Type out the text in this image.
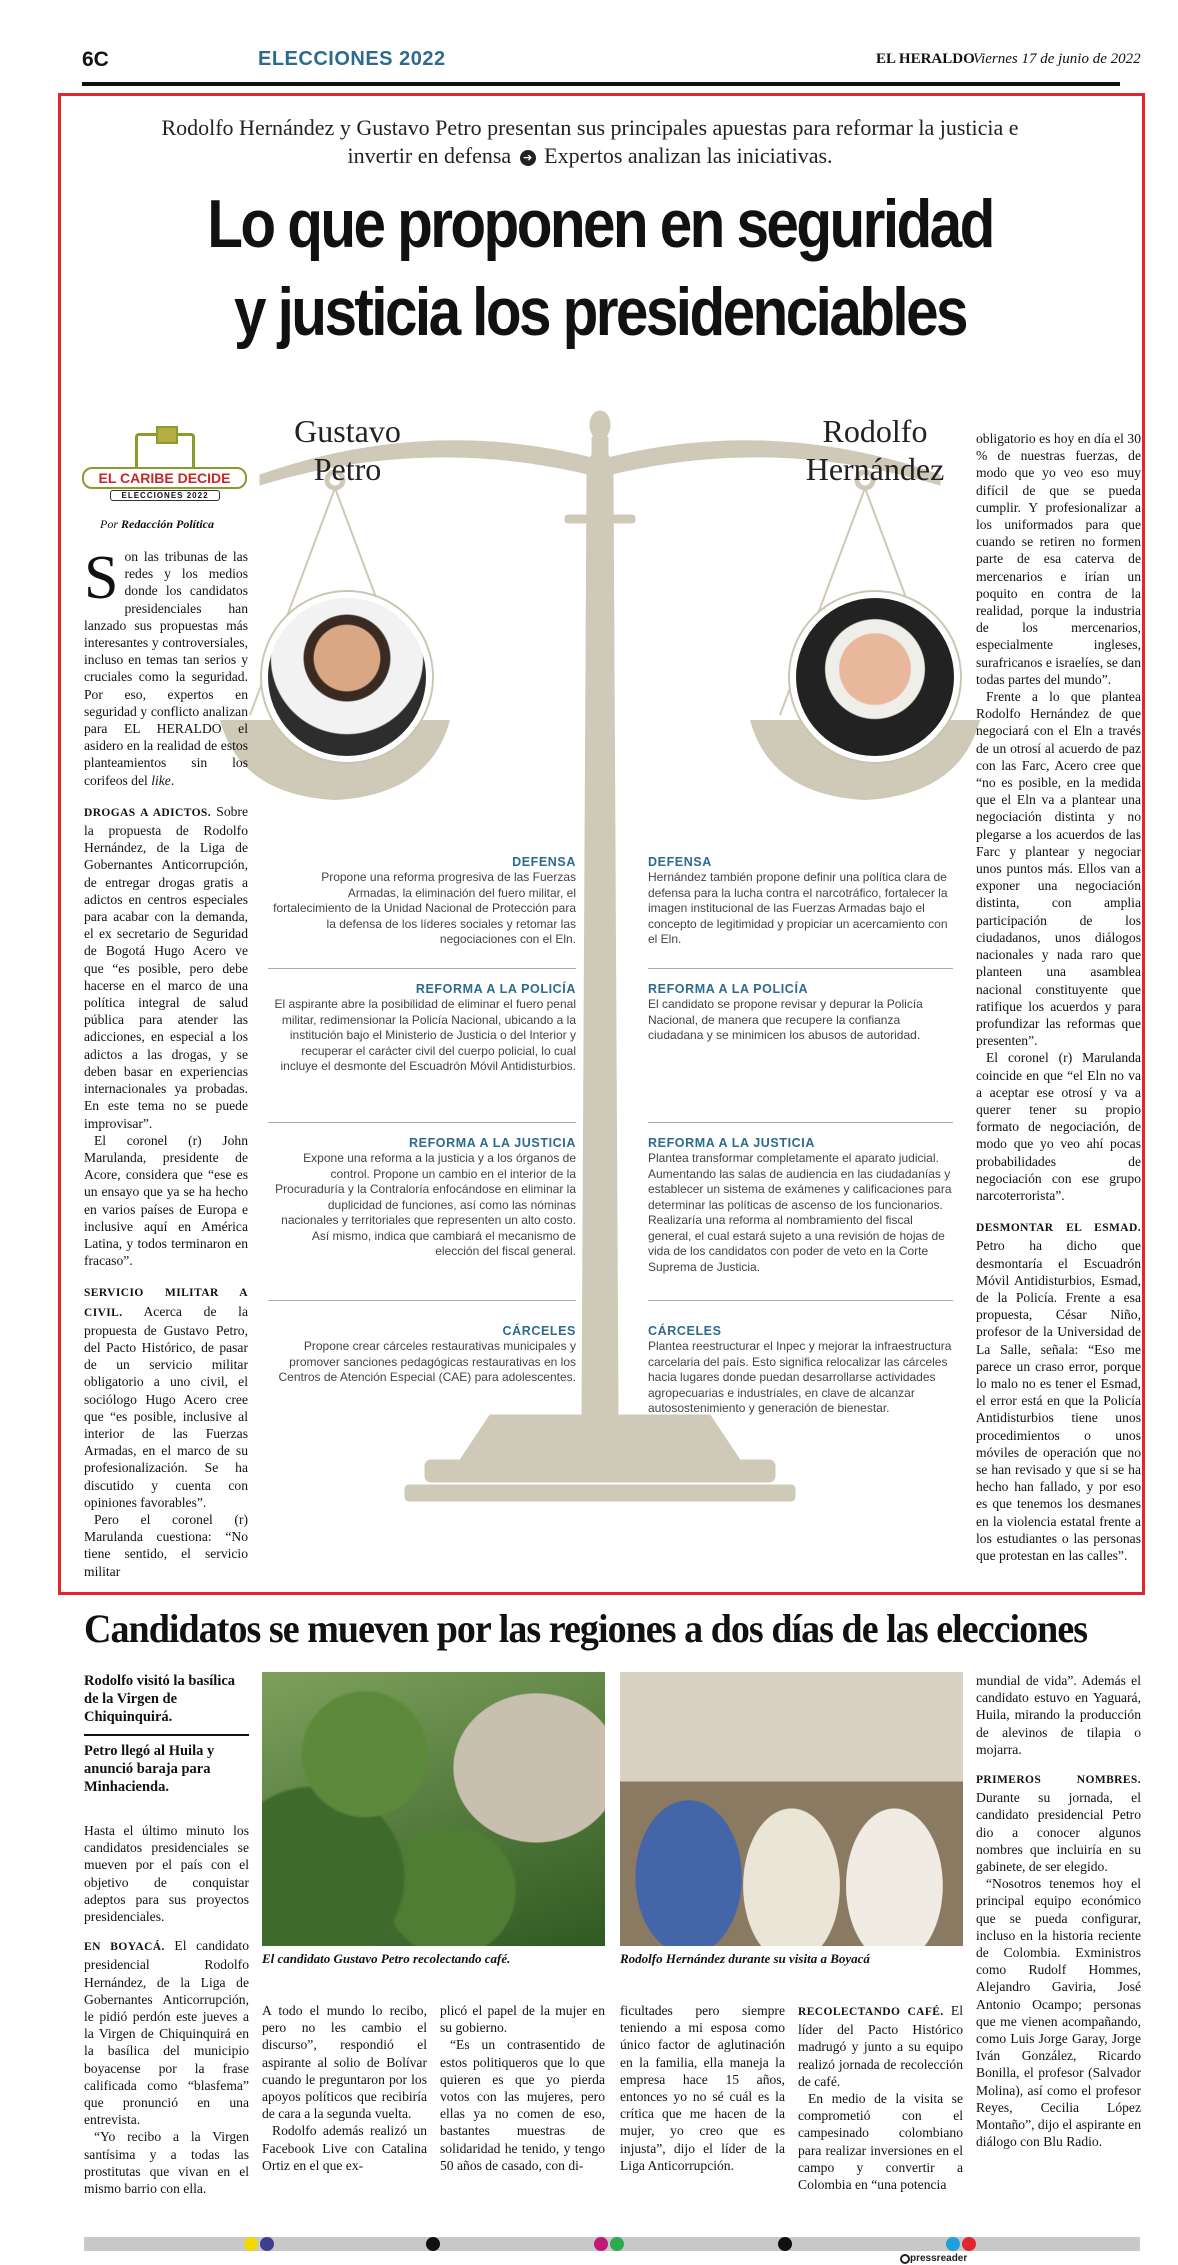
6C	ELECCIONES 2022	EL HERALDO
Viernes 17 de junio de 2022
Rodolfo Hernández y Gustavo Petro presentan sus principales apuestas para reformar la justicia e invertir en defensa ➔ Expertos analizan las iniciativas.
Lo que proponen en seguridad
y justicia los presidenciables
Gustavo
Petro
Rodolfo
Hernández
EL CARIBE DECIDE
ELECCIONES 2022
Por Redacción Política

Son las tribunas de las redes y los medios donde los candidatos presidenciales han lanzado sus propuestas más interesantes y controversiales, incluso en temas tan serios y cruciales como la seguridad. Por eso, expertos en seguridad y conflicto analizan para EL HERALDO el asidero en la realidad de estos planteamientos sin los corifeos del like.

DROGAS A ADICTOS. Sobre la propuesta de Rodolfo Hernández, de la Liga de Gobernantes Anticorrupción, de entregar drogas gratis a adictos en centros especiales para acabar con la demanda, el ex secretario de Seguridad de Bogotá Hugo Acero ve que “es posible, pero debe hacerse en el marco de una política integral de salud pública para atender las adicciones, en especial a los adictos a las drogas, y se deben basar en experiencias internacionales ya probadas. En este tema no se puede improvisar”.

El coronel (r) John Marulanda, presidente de Acore, considera que “ese es un ensayo que ya se ha hecho en varios países de Europa e inclusive aquí en América Latina, y todos terminaron en fracaso”.

SERVICIO MILITAR A CIVIL. Acerca de la propuesta de Gustavo Petro, del Pacto Histórico, de pasar de un servicio militar obligatorio a uno civil, el sociólogo Hugo Acero cree que “es posible, inclusive al interior de las Fuerzas Armadas, en el marco de su profesionalización. Se ha discutido y cuenta con opiniones favorables”.

Pero el coronel (r) Marulanda cuestiona: “No tiene sentido, el servicio militar

obligatorio es hoy en día el 30 % de nuestras fuerzas, de modo que yo veo eso muy difícil de que se pueda cumplir. Y profesionalizar a los uniformados para que cuando se retiren no formen parte de esa caterva de mercenarios e irían un poquito en contra de la realidad, porque la industria de los mercenarios, especialmente ingleses, surafricanos e israelíes, se dan todas partes del mundo”.

Frente a lo que plantea Rodolfo Hernández de que negociará con el Eln a través de un otrosí al acuerdo de paz con las Farc, Acero cree que “no es posible, en la medida que el Eln va a plantear una negociación distinta y no plegarse a los acuerdos de las Farc y plantear y negociar unos puntos más. Ellos van a exponer una negociación distinta, con amplia participación de los ciudadanos, unos diálogos nacionales y nada raro que planteen una asamblea nacional constituyente que ratifique los acuerdos y para profundizar las reformas que presenten”.

El coronel (r) Marulanda coincide en que “el Eln no va a aceptar ese otrosí y va a querer tener su propio formato de negociación, de modo que yo veo ahí pocas probabilidades de negociación con ese grupo narcoterrorista”.

DESMONTAR EL ESMAD. Petro ha dicho que desmontaría el Escuadrón Móvil Antidisturbios, Esmad, de la Policía. Frente a esa propuesta, César Niño, profesor de la Universidad de La Salle, señala: “Eso me parece un craso error, porque lo malo no es tener el Esmad, el error está en que la Policía Antidisturbios tiene unos procedimientos o unos móviles de operación que no se han revisado y que si se ha hecho han fallado, y por eso es que tenemos los desmanes en la violencia estatal frente a los estudiantes o las personas que protestan en las calles”.

DEFENSA
Propone una reforma progresiva de las Fuerzas Armadas, la eliminación del fuero militar, el fortalecimiento de la Unidad Nacional de Protección para la defensa de los líderes sociales y retomar las negociaciones con el Eln.
REFORMA A LA POLICÍA
El aspirante abre la posibilidad de eliminar el fuero penal militar, redimensionar la Policía Nacional, ubicando a la institución bajo el Ministerio de Justicia o del Interior y recuperar el carácter civil del cuerpo policial, lo cual incluye el desmonte del Escuadrón Móvil Antidisturbios.
REFORMA A LA JUSTICIA
Expone una reforma a la justicia y a los órganos de control. Propone un cambio en el interior de la Procuraduría y la Contraloría enfocándose en eliminar la duplicidad de funciones, así como las nóminas nacionales y territoriales que representen un alto costo. Así mismo, indica que cambiará el mecanismo de elección del fiscal general.
CÁRCELES
Propone crear cárceles restaurativas municipales y promover sanciones pedagógicas restaurativas en los Centros de Atención Especial (CAE) para adolescentes.
DEFENSA
Hernández también propone definir una política clara de defensa para la lucha contra el narcotráfico, fortalecer la imagen institucional de las Fuerzas Armadas bajo el concepto de legitimidad y propiciar un acercamiento con el Eln.
REFORMA A LA POLICÍA
El candidato se propone revisar y depurar la Policía Nacional, de manera que recupere la confianza ciudadana y se minimicen los abusos de autoridad.
REFORMA A LA JUSTICIA
Plantea transformar completamente el aparato judicial. Aumentando las salas de audiencia en las ciudadanías y establecer un sistema de exámenes y calificaciones para determinar las políticas de ascenso de los funcionarios. Realizaría una reforma al nombramiento del fiscal general, el cual estará sujeto a una revisión de hojas de vida de los candidatos con poder de veto en la Corte Suprema de Justicia.
CÁRCELES
Plantea reestructurar el Inpec y mejorar la infraestructura carcelaria del país. Esto significa relocalizar las cárceles hacia lugares donde puedan desarrollarse actividades agropecuarias e industriales, en clave de alcanzar autosostenimiento y generación de bienestar.
Candidatos se mueven por las regiones a dos días de las elecciones
Rodolfo visitó la basílica de la Virgen de Chiquinquirá.
Petro llegó al Huila y anunció baraja para Minhacienda.
El candidato Gustavo Petro recolectando café.	Rodolfo Hernández durante su visita a Boyacá

Hasta el último minuto los candidatos presidenciales se mueven por el país con el objetivo de conquistar adeptos para sus proyectos presidenciales.

EN BOYACÁ. El candidato presidencial Rodolfo Hernández, de la Liga de Gobernantes Anticorrupción, le pidió perdón este jueves a la Virgen de Chiquinquirá en la basílica del municipio boyacense por la frase calificada como “blasfema” que pronunció en una entrevista.

“Yo recibo a la Virgen santísima y a todas las prostitutas que vivan en el mismo barrio con ella.

A todo el mundo lo recibo, pero no les cambio el discurso”, respondió el aspirante al solio de Bolívar cuando le preguntaron por los apoyos políticos que recibiría de cara a la segunda vuelta.

Rodolfo además realizó un Facebook Live con Catalina Ortiz en el que ex-

plicó el papel de la mujer en su gobierno.

“Es un contrasentido de estos politiqueros que lo que quieren es que yo pierda votos con las mujeres, pero ellas ya no comen de eso, bastantes muestras de solidaridad he tenido, y tengo 50 años de casado, con di-

ficultades pero siempre teniendo a mi esposa como único factor de aglutinación en la familia, ella maneja la empresa hace 15 años, entonces yo no sé cuál es la crítica que me hacen de la mujer, yo creo que es injusta”, dijo el líder de la Liga Anticorrupción.

RECOLECTANDO CAFÉ. El líder del Pacto Histórico madrugó y junto a su equipo realizó jornada de recolección de café.

En medio de la visita se comprometió con el campesinado colombiano para realizar inversiones en el campo y convertir a Colombia en “una potencia

mundial de vida”. Además el candidato estuvo en Yaguará, Huila, mirando la producción de alevinos de tilapia o mojarra.

PRIMEROS NOMBRES. Durante su jornada, el candidato presidencial Petro dio a conocer algunos nombres que incluiría en su gabinete, de ser elegido.

“Nosotros tenemos hoy el principal equipo económico que se pueda configurar, incluso en la historia reciente de Colombia. Exministros como Rudolf Hommes, Alejandro Gaviria, José Antonio Ocampo; personas que me vienen acompañando, como Luis Jorge Garay, Jorge Iván González, Ricardo Bonilla, el profesor (Salvador Molina), así como el profesor Reyes, Cecilia López Montaño”, dijo el aspirante en diálogo con Blu Radio.

pressreader
